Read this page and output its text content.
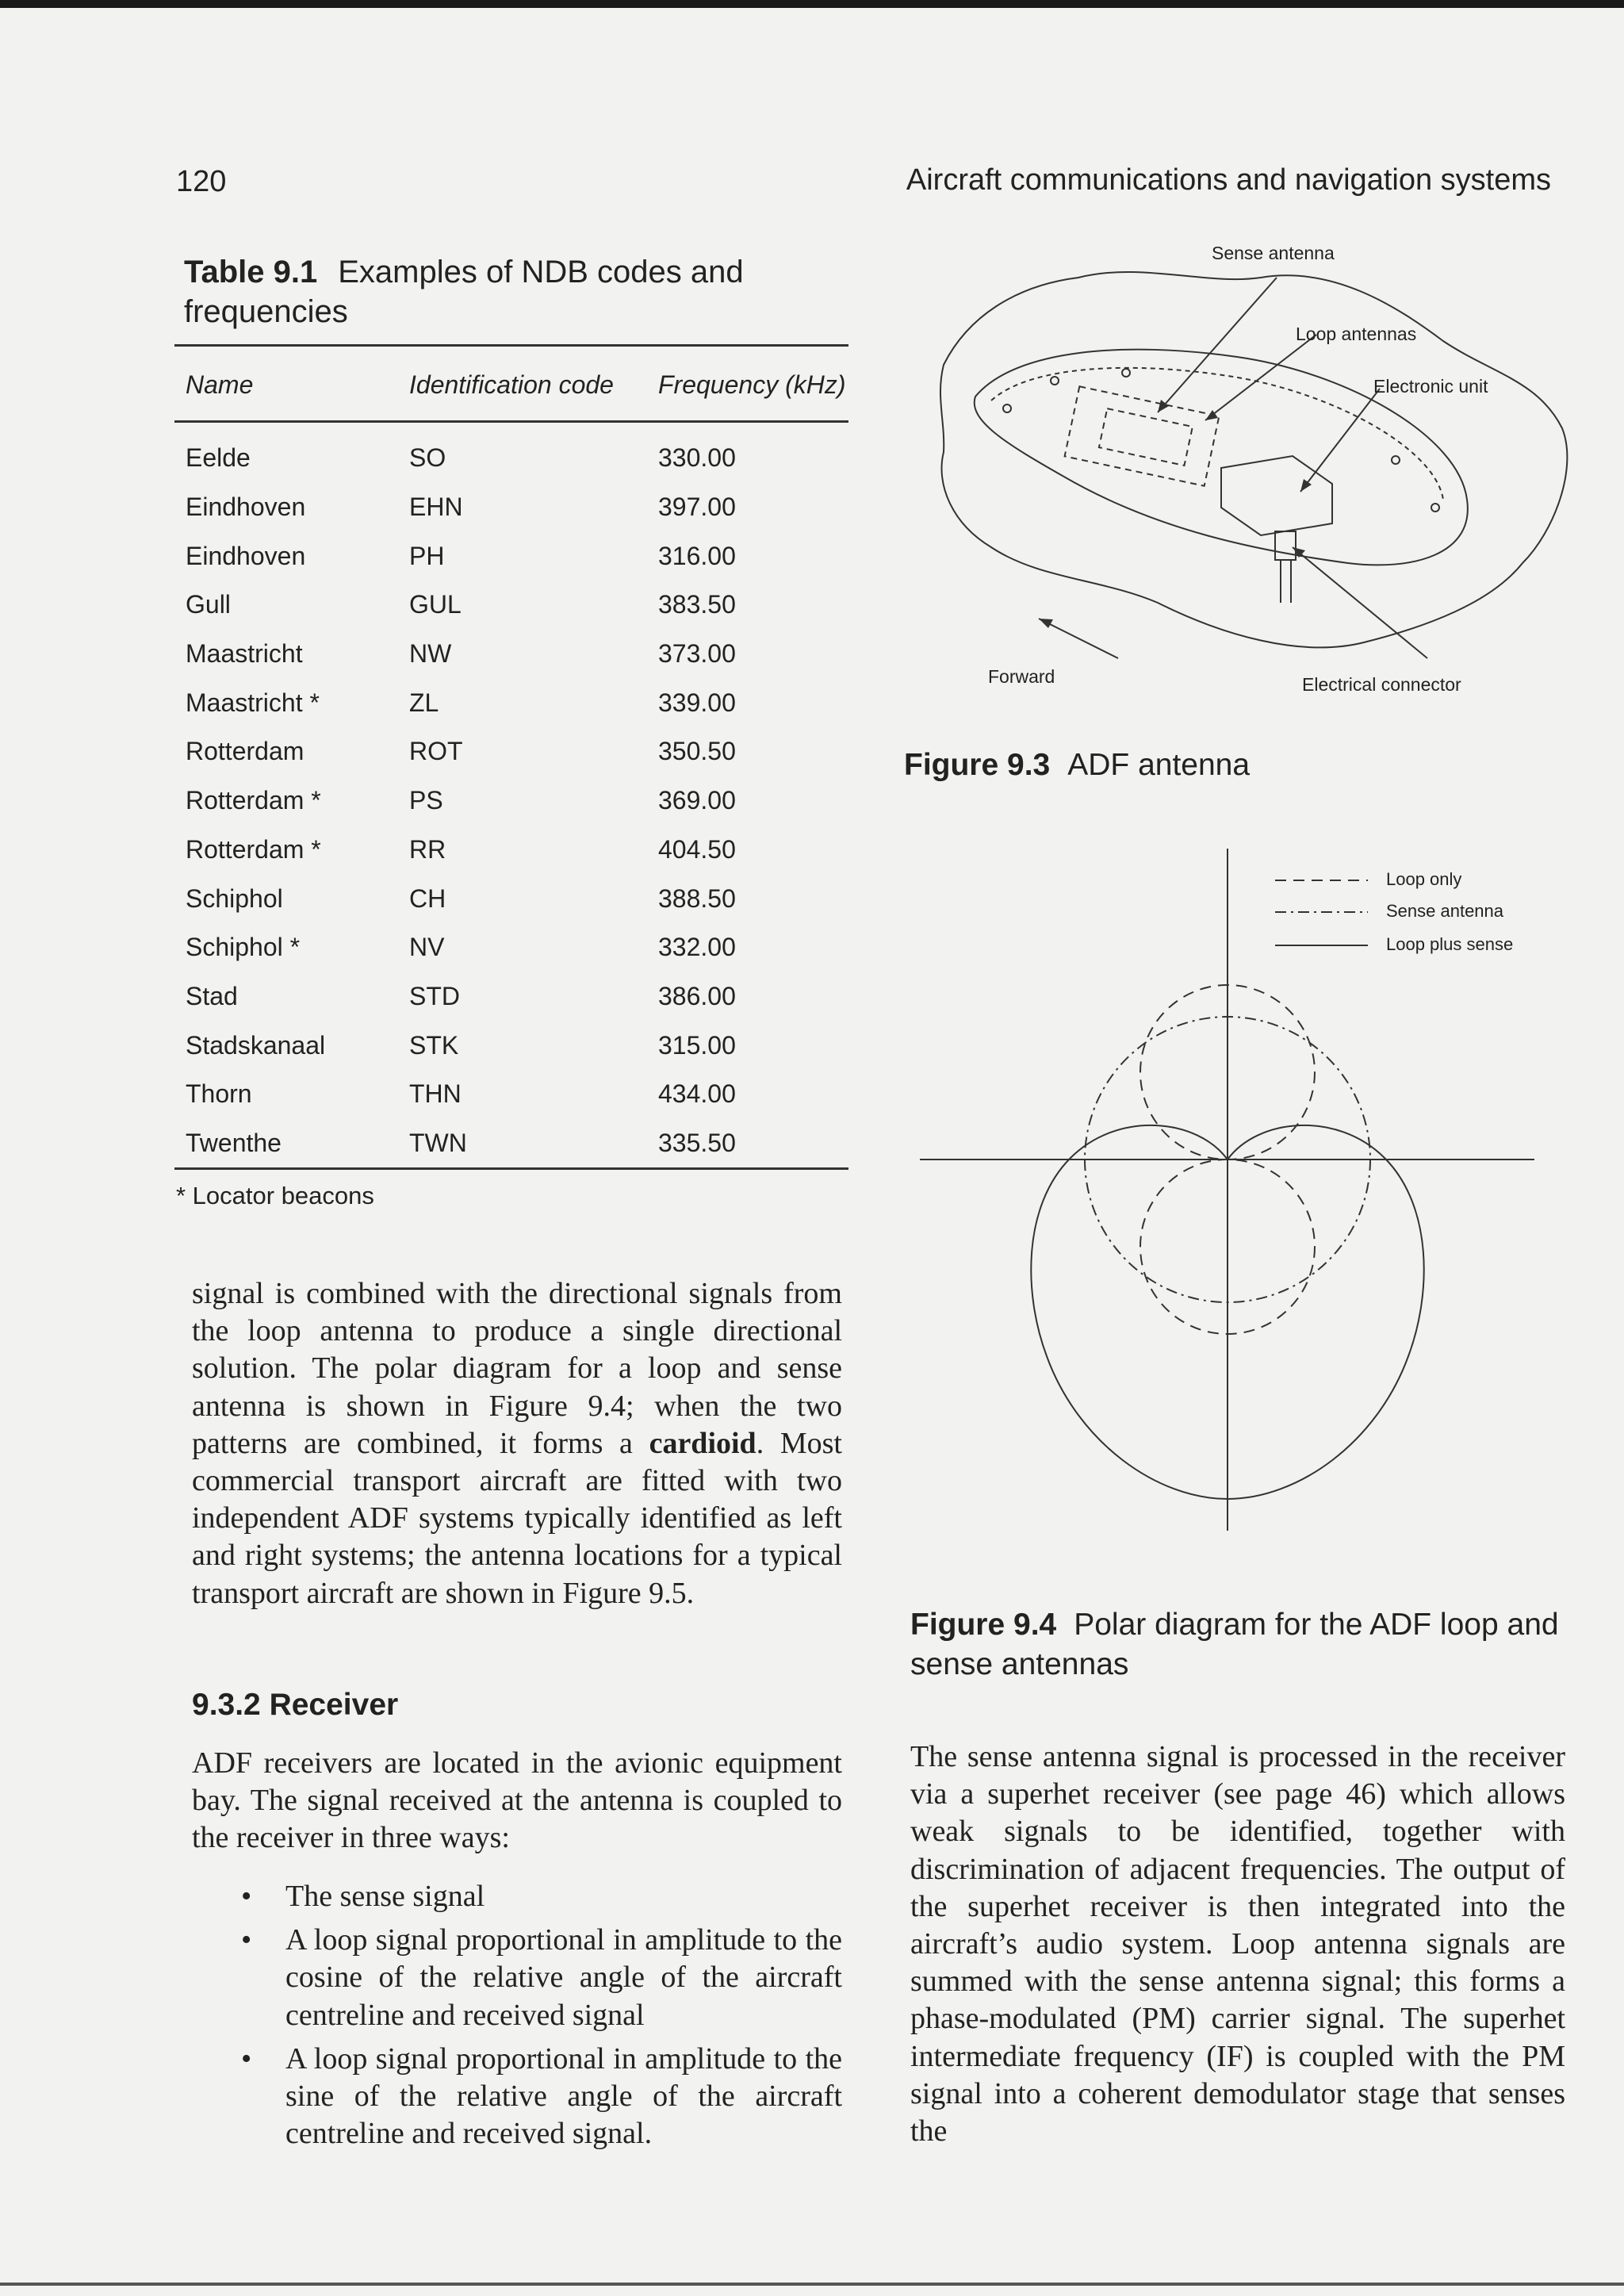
120	Aircraft communications and navigation systems
Table 9.1 Examples of NDB codes and frequencies
Name	Identification code	Frequency (kHz)
Eelde	SO	330.00
Eindhoven	EHN	397.00
Eindhoven	PH	316.00
Gull	GUL	383.50
Maastricht	NW	373.00
Maastricht *	ZL	339.00
Rotterdam	ROT	350.50
Rotterdam *	PS	369.00
Rotterdam *	RR	404.50
Schiphol	CH	388.50
Schiphol *	NV	332.00
Stad	STD	386.00
Stadskanaal	STK	315.00
Thorn	THN	434.00
Twenthe	TWN	335.50
* Locator beacons
signal is combined with the directional signals from the loop antenna to produce a single directional solution. The polar diagram for a loop and sense antenna is shown in Figure 9.4; when the two patterns are combined, it forms a cardioid. Most commercial transport aircraft are fitted with two independent ADF systems typically identified as left and right systems; the antenna locations for a typical transport aircraft are shown in Figure 9.5.
9.3.2 Receiver
ADF receivers are located in the avionic equipment bay. The signal received at the antenna is coupled to the receiver in three ways:
• The sense signal
• A loop signal proportional in amplitude to the cosine of the relative angle of the aircraft centreline and received signal
• A loop signal proportional in amplitude to the sine of the relative angle of the aircraft centreline and received signal.
Sense antenna
Loop antennas
Electronic unit
Forward	Electrical connector
Figure 9.3 ADF antenna
Loop only
Sense antenna
Loop plus sense
Figure 9.4 Polar diagram for the ADF loop and sense antennas
The sense antenna signal is processed in the receiver via a superhet receiver (see page 46) which allows weak signals to be identified, together with discrimination of adjacent frequencies. The output of the superhet receiver is then integrated into the aircraft’s audio system. Loop antenna signals are summed with the sense antenna signal; this forms a phase-modulated (PM) carrier signal. The superhet intermediate frequency (IF) is coupled with the PM signal into a coherent demodulator stage that senses the
